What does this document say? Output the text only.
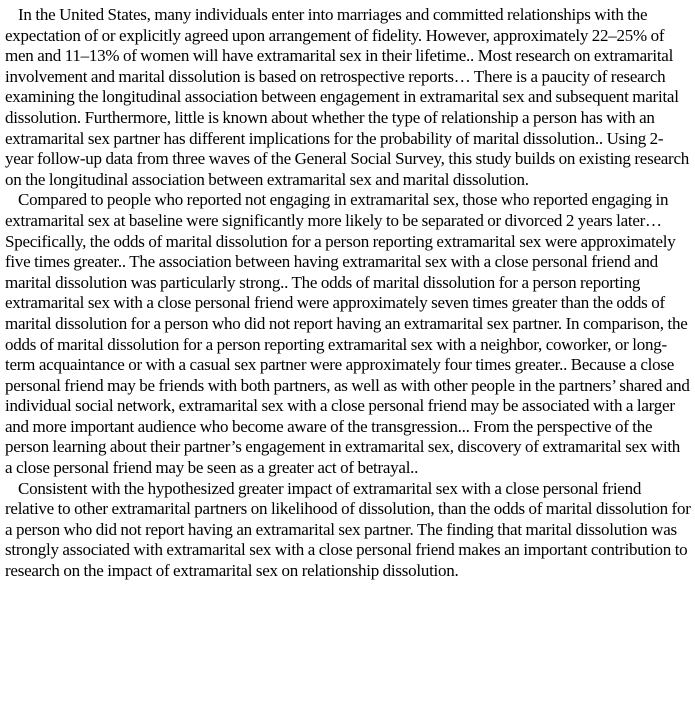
In the United States, many individuals enter into marriages and committed relationships with the expectation of or explicitly agreed upon arrangement of fidelity. However, approximately 22–25% of men and 11–13% of women will have extramarital sex in their lifetime.. Most research on extramarital involvement and marital dissolution is based on retrospective reports… There is a paucity of research examining the longitudinal association between engagement in extramarital sex and subsequent marital dissolution. Furthermore, little is known about whether the type of relationship a person has with an extramarital sex partner has different implications for the probability of marital dissolution.. Using 2-year follow-up data from three waves of the General Social Survey, this study builds on existing research on the longitudinal association between extramarital sex and marital dissolution.

Compared to people who reported not engaging in extramarital sex, those who reported engaging in extramarital sex at baseline were significantly more likely to be separated or divorced 2 years later… Specifically, the odds of marital dissolution for a person reporting extramarital sex were approximately five times greater.. The association between having extramarital sex with a close personal friend and marital dissolution was particularly strong.. The odds of marital dissolution for a person reporting extramarital sex with a close personal friend were approximately seven times greater than the odds of marital dissolution for a person who did not report having an extramarital sex partner. In comparison, the odds of marital dissolution for a person reporting extramarital sex with a neighbor, coworker, or long-term acquaintance or with a casual sex partner were approximately four times greater.. Because a close personal friend may be friends with both partners, as well as with other people in the partners’ shared and individual social network, extramarital sex with a close personal friend may be associated with a larger and more important audience who become aware of the transgression... From the perspective of the person learning about their partner’s engagement in extramarital sex, discovery of extramarital sex with a close personal friend may be seen as a greater act of betrayal..

Consistent with the hypothesized greater impact of extramarital sex with a close personal friend relative to other extramarital partners on likelihood of dissolution, than the odds of marital dissolution for a person who did not report having an extramarital sex partner. The finding that marital dissolution was strongly associated with extramarital sex with a close personal friend makes an important contribution to research on the impact of extramarital sex on relationship dissolution.
